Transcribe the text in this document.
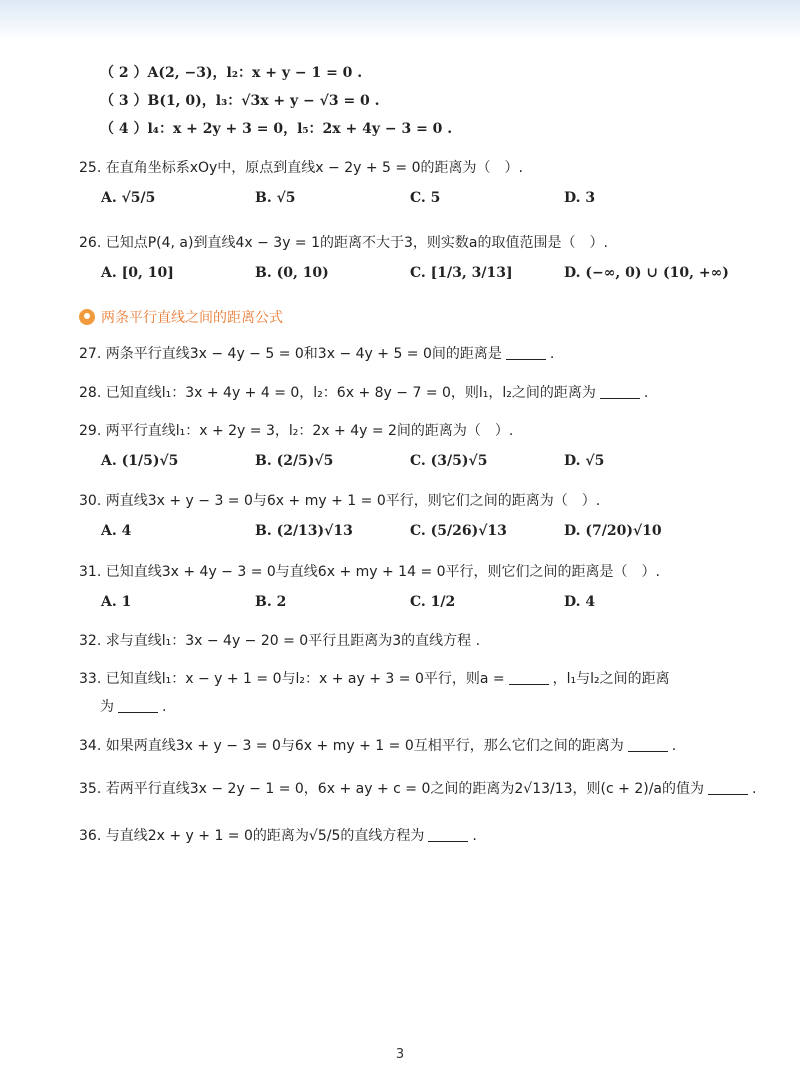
（ 2 ）A(2, −3)，l₂：x + y − 1 = 0 .
（ 3 ）B(1, 0)，l₃：√3x + y − √3 = 0 .
（ 4 ）l₄：x + 2y + 3 = 0，l₅：2x + 4y − 3 = 0 .
25. 在直角坐标系xOy中，原点到直线x − 2y + 5 = 0的距离为（　）.
A. √5/5	B. √5	C. 5	D. 3
26. 已知点P(4, a)到直线4x − 3y = 1的距离不大于3，则实数a的取值范围是（　）.
A. [0, 10]	B. (0, 10)	C. [1/3, 3/13]	D. (−∞, 0) ∪ (10, +∞)
两条平行直线之间的距离公式
27. 两条平行直线3x − 4y − 5 = 0和3x − 4y + 5 = 0间的距离是	.
28. 已知直线l₁：3x + 4y + 4 = 0，l₂：6x + 8y − 7 = 0，则l₁，l₂之间的距离为	.
29. 两平行直线l₁：x + 2y = 3，l₂：2x + 4y = 2间的距离为（　）.
A. (1/5)√5	B. (2/5)√5	C. (3/5)√5	D. √5
30. 两直线3x + y − 3 = 0与6x + my + 1 = 0平行，则它们之间的距离为（　）.
A. 4	B. (2/13)√13	C. (5/26)√13	D. (7/20)√10
31. 已知直线3x + 4y − 3 = 0与直线6x + my + 14 = 0平行，则它们之间的距离是（　）.
A. 1	B. 2	C. 1/2	D. 4
32. 求与直线l₁：3x − 4y − 20 = 0平行且距离为3的直线方程 .
33. 已知直线l₁：x − y + 1 = 0与l₂：x + ay + 3 = 0平行，则a =	，l₁与l₂之间的距离
为	.
34. 如果两直线3x + y − 3 = 0与6x + my + 1 = 0互相平行，那么它们之间的距离为	.
35. 若两平行直线3x − 2y − 1 = 0，6x + ay + c = 0之间的距离为2√13/13，则(c + 2)/a的值为	.
36. 与直线2x + y + 1 = 0的距离为√5/5的直线方程为	.
3
